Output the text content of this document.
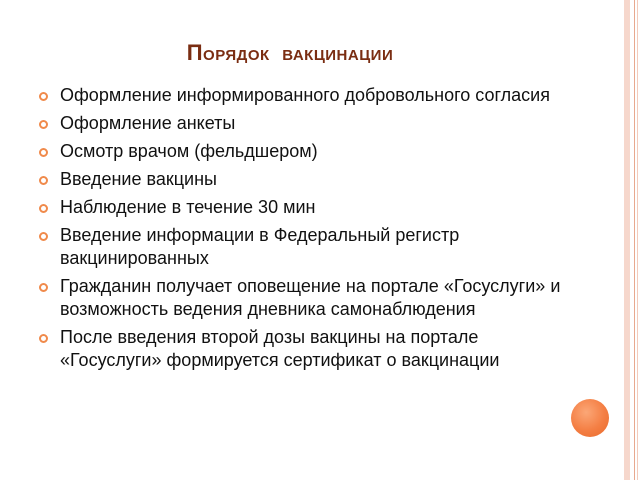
Порядок вакцинации
Оформление информированного добровольного согласия
Оформление анкеты
Осмотр врачом (фельдшером)
Введение вакцины
Наблюдение в течение 30 мин
Введение информации в Федеральный регистр вакцинированных
Гражданин получает оповещение на портале «Госуслуги» и возможность ведения дневника самонаблюдения
После введения второй дозы вакцины на портале «Госуслуги» формируется сертификат о вакцинации
